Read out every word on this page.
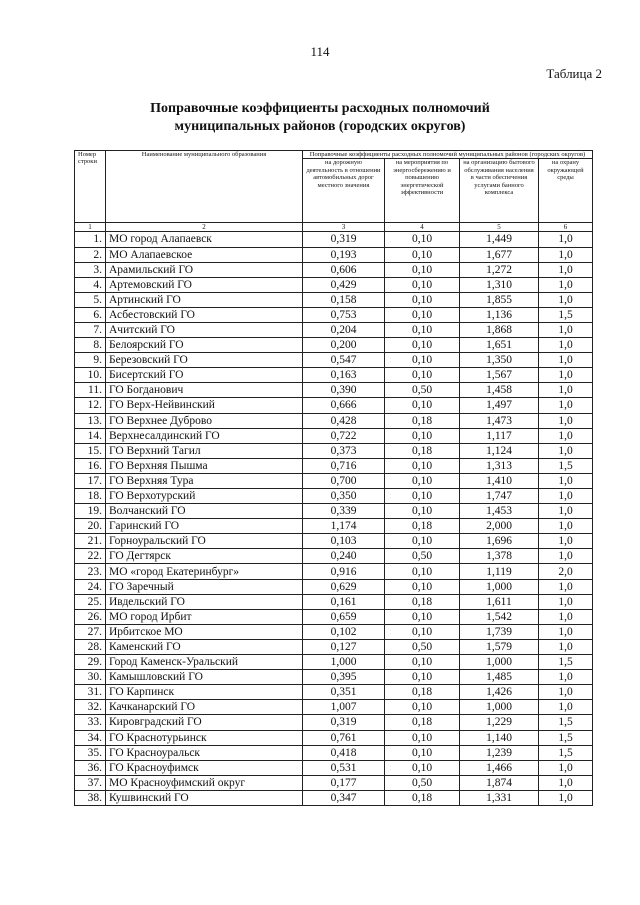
114
Таблица 2
Поправочные коэффициенты расходных полномочий
муниципальных районов (городских округов)
Номер строки	Наименование муниципального образования	Поправочные коэффициенты расходных полномочий муниципальных районов (городских округов)			
		на дорожную деятельность в отношении автомобильных дорог местного значения	на мероприятия по энергосбережению и повышению энергетической эффективности	на организацию бытового обслуживания населения в части обеспечения услугами банного комплекса	на охрану окружающей среды
1	2	3	4	5	6
1.	МО город Алапаевск	0,319	0,10	1,449	1,0
2.	МО Алапаевское	0,193	0,10	1,677	1,0
3.	Арамильский ГО	0,606	0,10	1,272	1,0
4.	Артемовский ГО	0,429	0,10	1,310	1,0
5.	Артинский ГО	0,158	0,10	1,855	1,0
6.	Асбестовский ГО	0,753	0,10	1,136	1,5
7.	Ачитский ГО	0,204	0,10	1,868	1,0
8.	Белоярский ГО	0,200	0,10	1,651	1,0
9.	Березовский ГО	0,547	0,10	1,350	1,0
10.	Бисертский ГО	0,163	0,10	1,567	1,0
11.	ГО Богданович	0,390	0,50	1,458	1,0
12.	ГО Верх-Нейвинский	0,666	0,10	1,497	1,0
13.	ГО Верхнее Дуброво	0,428	0,18	1,473	1,0
14.	Верхнесалдинский ГО	0,722	0,10	1,117	1,0
15.	ГО Верхний Тагил	0,373	0,18	1,124	1,0
16.	ГО Верхняя Пышма	0,716	0,10	1,313	1,5
17.	ГО Верхняя Тура	0,700	0,10	1,410	1,0
18.	ГО Верхотурский	0,350	0,10	1,747	1,0
19.	Волчанский ГО	0,339	0,10	1,453	1,0
20.	Гаринский ГО	1,174	0,18	2,000	1,0
21.	Горноуральский ГО	0,103	0,10	1,696	1,0
22.	ГО Дегтярск	0,240	0,50	1,378	1,0
23.	МО «город Екатеринбург»	0,916	0,10	1,119	2,0
24.	ГО Заречный	0,629	0,10	1,000	1,0
25.	Ивдельский ГО	0,161	0,18	1,611	1,0
26.	МО город Ирбит	0,659	0,10	1,542	1,0
27.	Ирбитское МО	0,102	0,10	1,739	1,0
28.	Каменский ГО	0,127	0,50	1,579	1,0
29.	Город Каменск-Уральский	1,000	0,10	1,000	1,5
30.	Камышловский ГО	0,395	0,10	1,485	1,0
31.	ГО Карпинск	0,351	0,18	1,426	1,0
32.	Качканарский ГО	1,007	0,10	1,000	1,0
33.	Кировградский ГО	0,319	0,18	1,229	1,5
34.	ГО Краснотурьинск	0,761	0,10	1,140	1,5
35.	ГО Красноуральск	0,418	0,10	1,239	1,5
36.	ГО Красноуфимск	0,531	0,10	1,466	1,0
37.	МО Красноуфимский округ	0,177	0,50	1,874	1,0
38.	Кушвинский ГО	0,347	0,18	1,331	1,0
